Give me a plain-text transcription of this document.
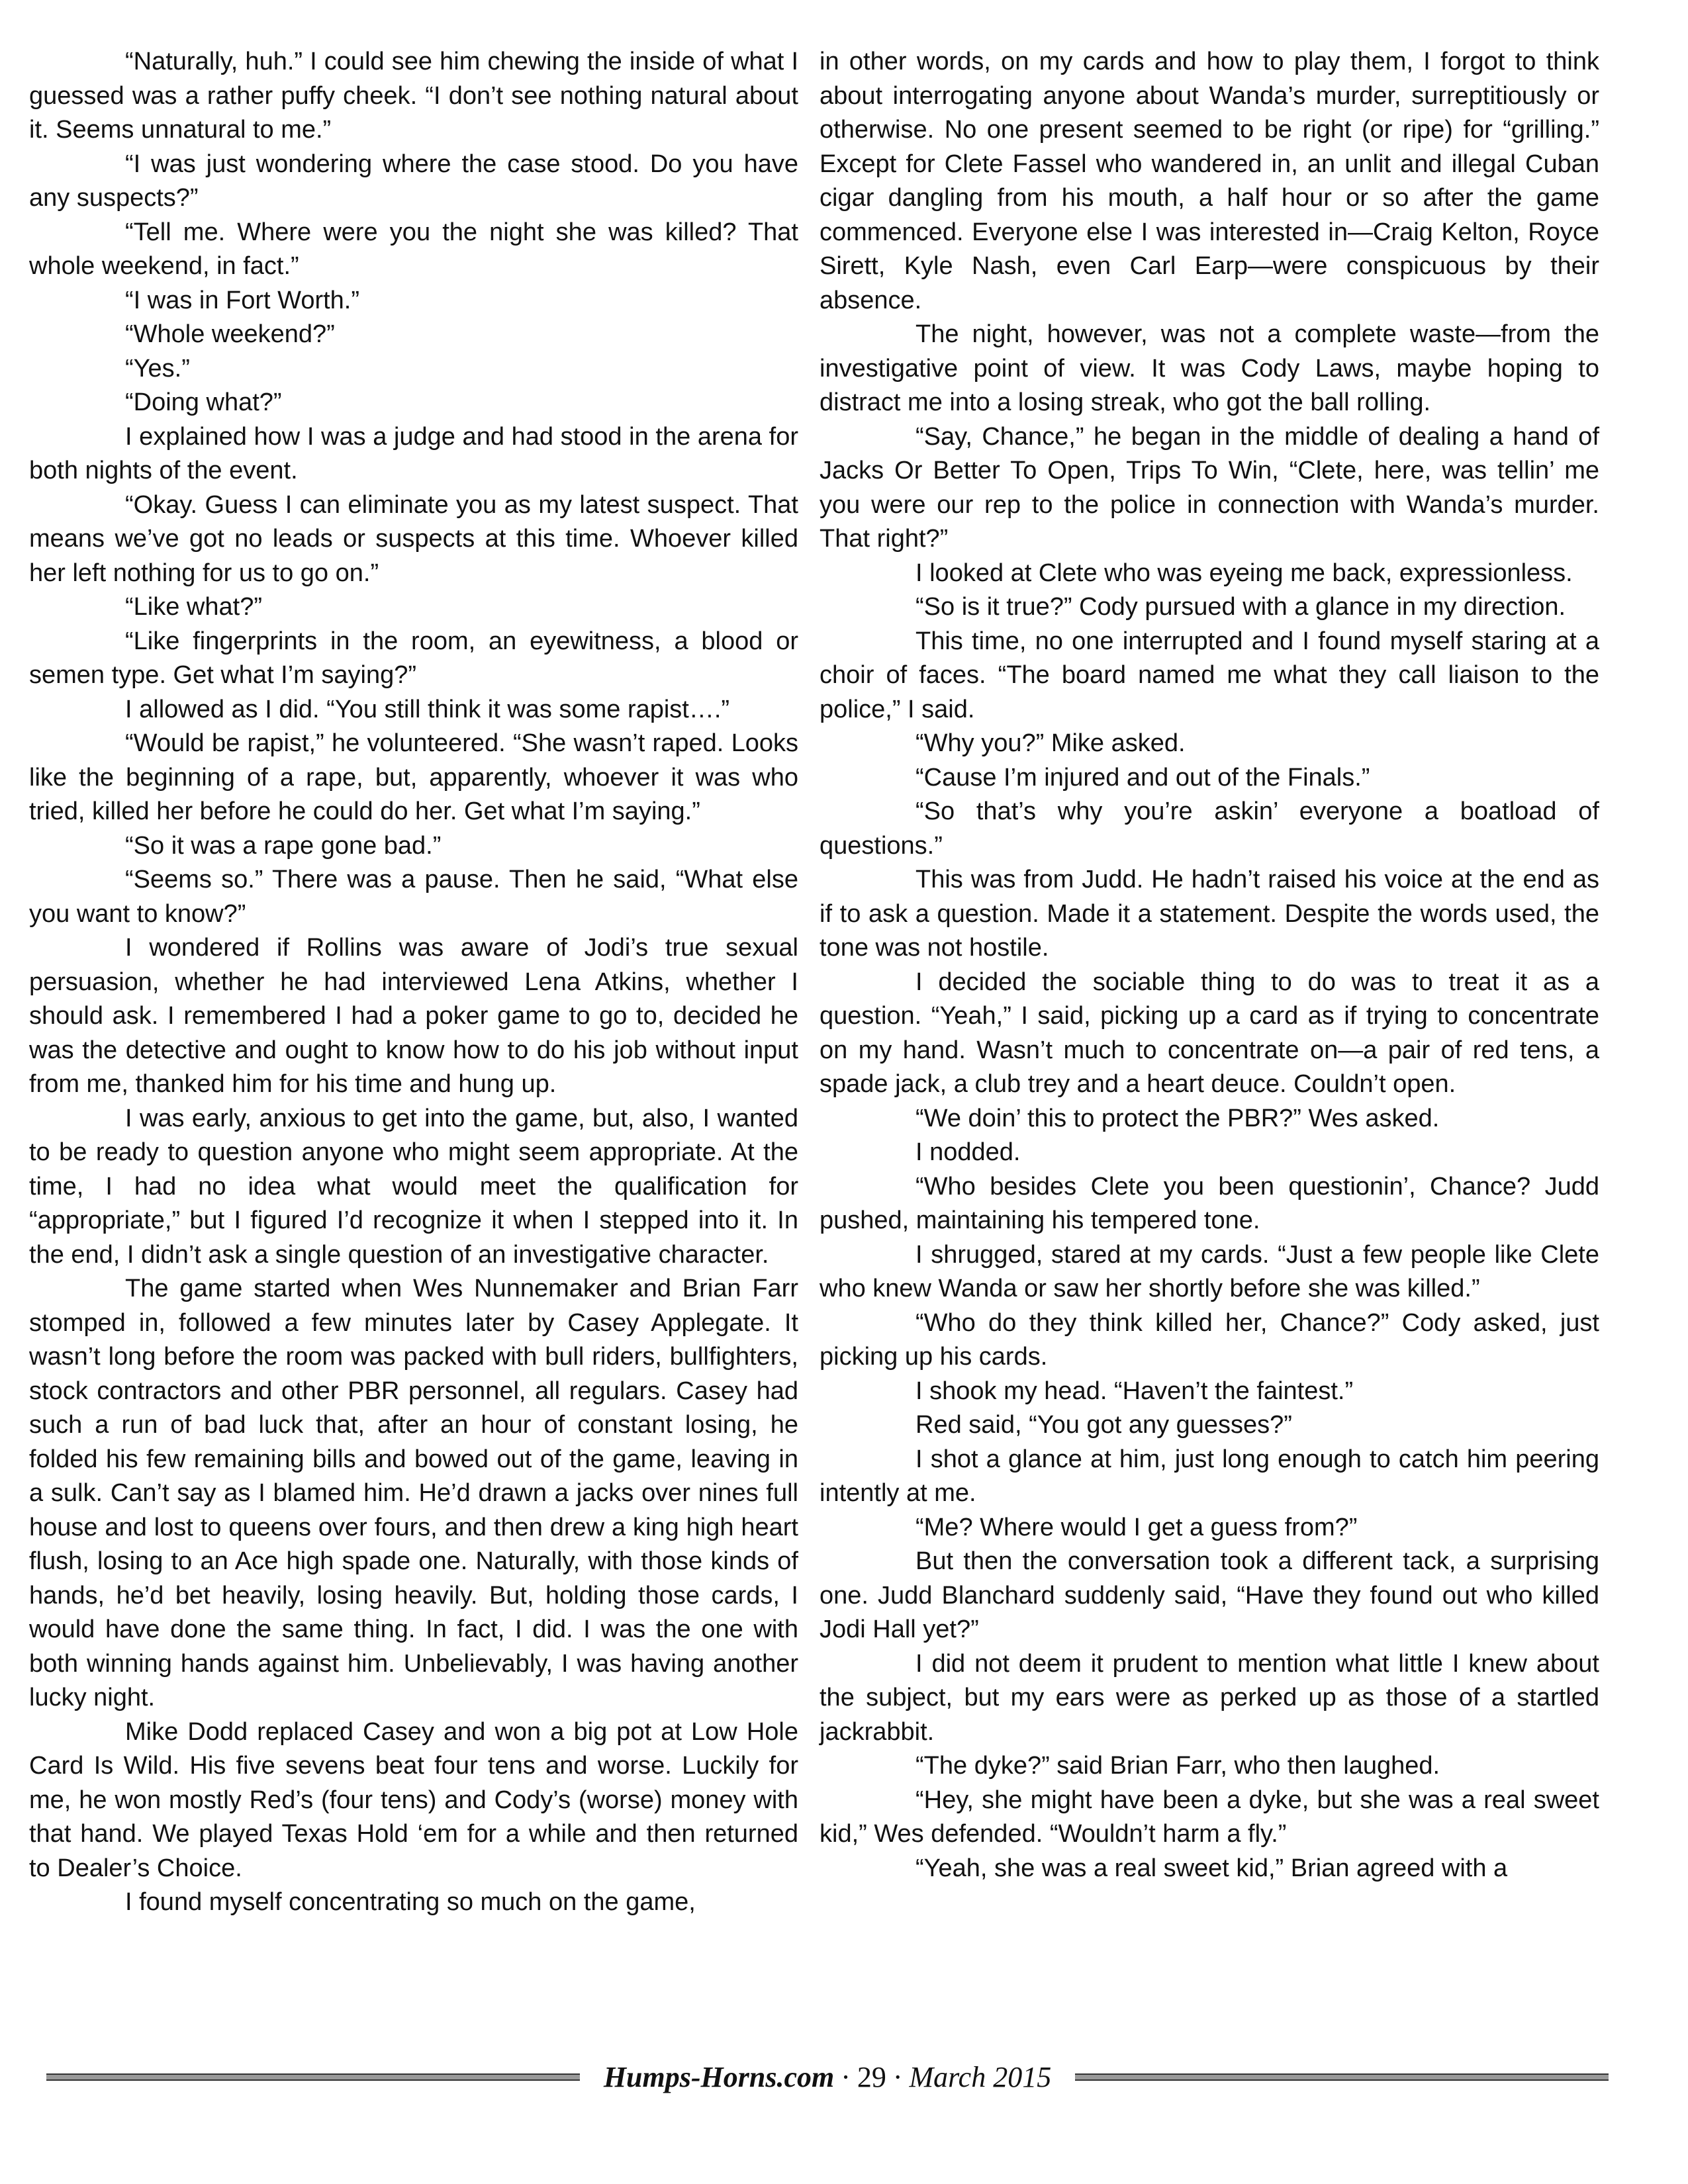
“Naturally, huh.” I could see him chewing the inside of what I guessed was a rather puffy cheek. “I don’t see nothing natural about it. Seems unnatural to me.”

“I was just wondering where the case stood. Do you have any suspects?”

“Tell me. Where were you the night she was killed? That whole weekend, in fact.”

“I was in Fort Worth.”

“Whole weekend?”

“Yes.”

“Doing what?”

I explained how I was a judge and had stood in the arena for both nights of the event.

“Okay. Guess I can eliminate you as my latest suspect. That means we’ve got no leads or suspects at this time. Whoever killed her left nothing for us to go on.”

“Like what?”

“Like fingerprints in the room, an eyewitness, a blood or semen type. Get what I’m saying?”

I allowed as I did. “You still think it was some rapist….”

“Would be rapist,” he volunteered. “She wasn’t raped. Looks like the beginning of a rape, but, apparently, whoever it was who tried, killed her before he could do her. Get what I’m saying.”

“So it was a rape gone bad.”

“Seems so.” There was a pause. Then he said, “What else you want to know?”

I wondered if Rollins was aware of Jodi’s true sexual persuasion, whether he had interviewed Lena Atkins, whether I should ask. I remembered I had a poker game to go to, decided he was the detective and ought to know how to do his job without input from me, thanked him for his time and hung up.

I was early, anxious to get into the game, but, also, I wanted to be ready to question anyone who might seem appropriate. At the time, I had no idea what would meet the qualification for “appropriate,” but I figured I’d recognize it when I stepped into it. In the end, I didn’t ask a single question of an investigative character.

The game started when Wes Nunnemaker and Brian Farr stomped in, followed a few minutes later by Casey Applegate. It wasn’t long before the room was packed with bull riders, bullfighters, stock contractors and other PBR personnel, all regulars. Casey had such a run of bad luck that, after an hour of constant losing, he folded his few remaining bills and bowed out of the game, leaving in a sulk. Can’t say as I blamed him. He’d drawn a jacks over nines full house and lost to queens over fours, and then drew a king high heart flush, losing to an Ace high spade one. Naturally, with those kinds of hands, he’d bet heavily, losing heavily. But, holding those cards, I would have done the same thing. In fact, I did. I was the one with both winning hands against him. Unbelievably, I was having another lucky night.

Mike Dodd replaced Casey and won a big pot at Low Hole Card Is Wild. His five sevens beat four tens and worse. Luckily for me, he won mostly Red’s (four tens) and Cody’s (worse) money with that hand. We played Texas Hold ‘em for a while and then returned to Dealer’s Choice.

I found myself concentrating so much on the game,

in other words, on my cards and how to play them, I forgot to think about interrogating anyone about Wanda’s murder, surreptitiously or otherwise. No one present seemed to be right (or ripe) for “grilling.” Except for Clete Fassel who wandered in, an unlit and illegal Cuban cigar dangling from his mouth, a half hour or so after the game commenced. Everyone else I was interested in—Craig Kelton, Royce Sirett, Kyle Nash, even Carl Earp—were conspicuous by their absence.

The night, however, was not a complete waste—from the investigative point of view. It was Cody Laws, maybe hoping to distract me into a losing streak, who got the ball rolling.

“Say, Chance,” he began in the middle of dealing a hand of Jacks Or Better To Open, Trips To Win, “Clete, here, was tellin’ me you were our rep to the police in connection with Wanda’s murder. That right?”

I looked at Clete who was eyeing me back, expressionless.

“So is it true?” Cody pursued with a glance in my direction.

This time, no one interrupted and I found myself staring at a choir of faces. “The board named me what they call liaison to the police,” I said.

“Why you?” Mike asked.

“Cause I’m injured and out of the Finals.”

“So that’s why you’re askin’ everyone a boatload of questions.”

This was from Judd. He hadn’t raised his voice at the end as if to ask a question. Made it a statement. Despite the words used, the tone was not hostile.

I decided the sociable thing to do was to treat it as a question. “Yeah,” I said, picking up a card as if trying to concentrate on my hand. Wasn’t much to concentrate on—a pair of red tens, a spade jack, a club trey and a heart deuce. Couldn’t open.

“We doin’ this to protect the PBR?” Wes asked.

I nodded.

“Who besides Clete you been questionin’, Chance? Judd pushed, maintaining his tempered tone.

I shrugged, stared at my cards. “Just a few people like Clete who knew Wanda or saw her shortly before she was killed.”

“Who do they think killed her, Chance?” Cody asked, just picking up his cards.

I shook my head. “Haven’t the faintest.”

Red said, “You got any guesses?”

I shot a glance at him, just long enough to catch him peering intently at me.

“Me? Where would I get a guess from?”

But then the conversation took a different tack, a surprising one. Judd Blanchard suddenly said, “Have they found out who killed Jodi Hall yet?”

I did not deem it prudent to mention what little I knew about the subject, but my ears were as perked up as those of a startled jackrabbit.

“The dyke?” said Brian Farr, who then laughed.

“Hey, she might have been a dyke, but she was a real sweet kid,” Wes defended. “Wouldn’t harm a fly.”

“Yeah, she was a real sweet kid,” Brian agreed with a

Humps-Horns.com · 29 · March 2015
